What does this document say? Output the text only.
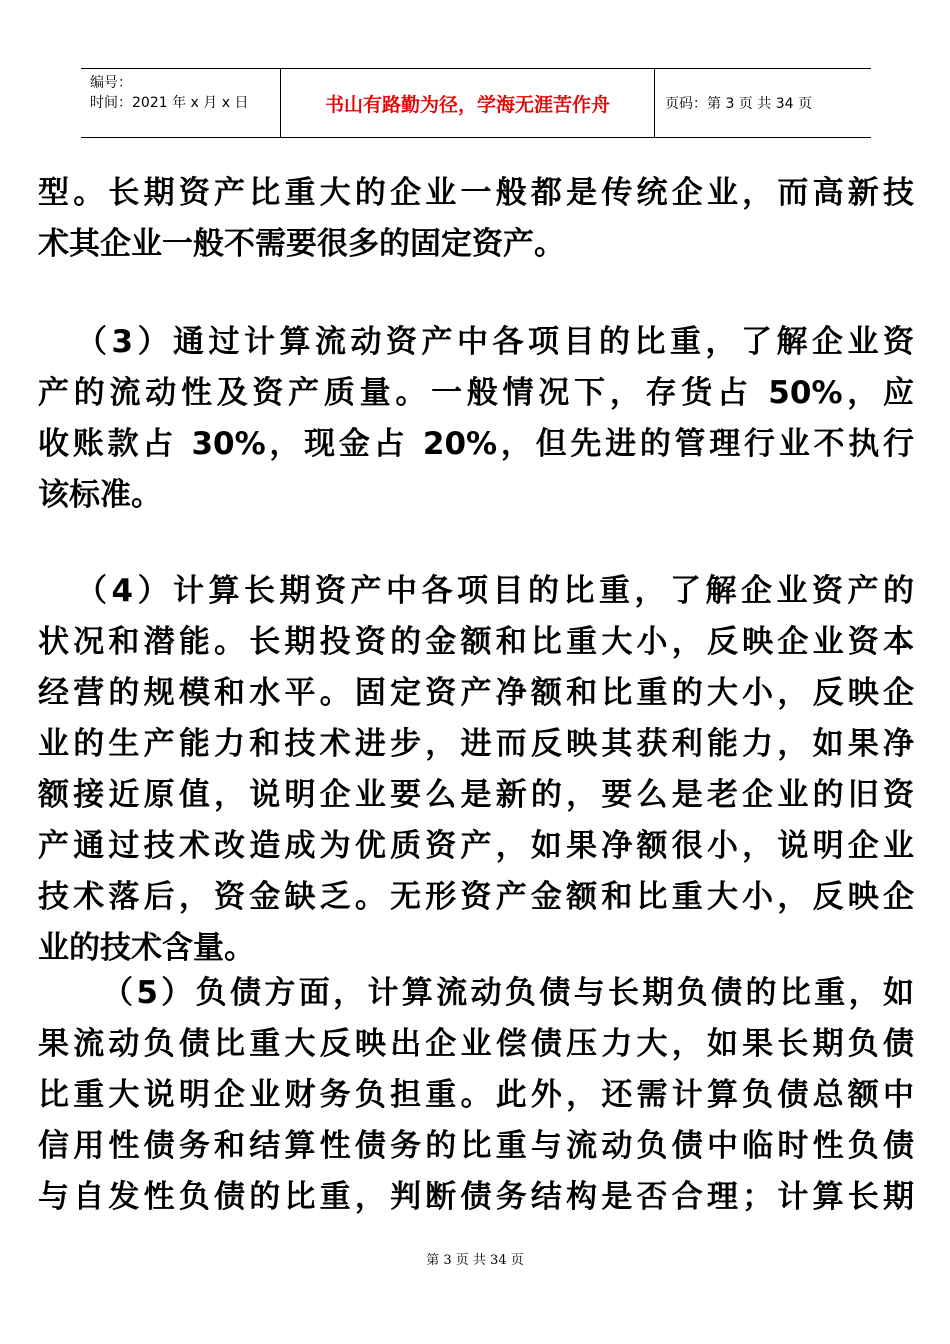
编号：
时间：2021 年 x 月 x 日	书山有路勤为径，学海无涯苦作舟	页码：第 3 页 共 34 页
型。长期资产比重大的企业一般都是传统企业，而高新技
术其企业一般不需要很多的固定资产。
（3）通过计算流动资产中各项目的比重，了解企业资
产的流动性及资产质量。一般情况下，存货占 50%，应
收账款占 30%，现金占 20%，但先进的管理行业不执行
该标准。
（4）计算长期资产中各项目的比重，了解企业资产的
状况和潜能。长期投资的金额和比重大小，反映企业资本
经营的规模和水平。固定资产净额和比重的大小，反映企
业的生产能力和技术进步，进而反映其获利能力，如果净
额接近原值，说明企业要么是新的，要么是老企业的旧资
产通过技术改造成为优质资产，如果净额很小，说明企业
技术落后，资金缺乏。无形资产金额和比重大小，反映企
业的技术含量。
（5）负债方面，计算流动负债与长期负债的比重，如
果流动负债比重大反映出企业偿债压力大，如果长期负债
比重大说明企业财务负担重。此外，还需计算负债总额中
信用性债务和结算性债务的比重与流动负债中临时性负债
与自发性负债的比重，判断债务结构是否合理；计算长期
第 3 页 共 34 页
